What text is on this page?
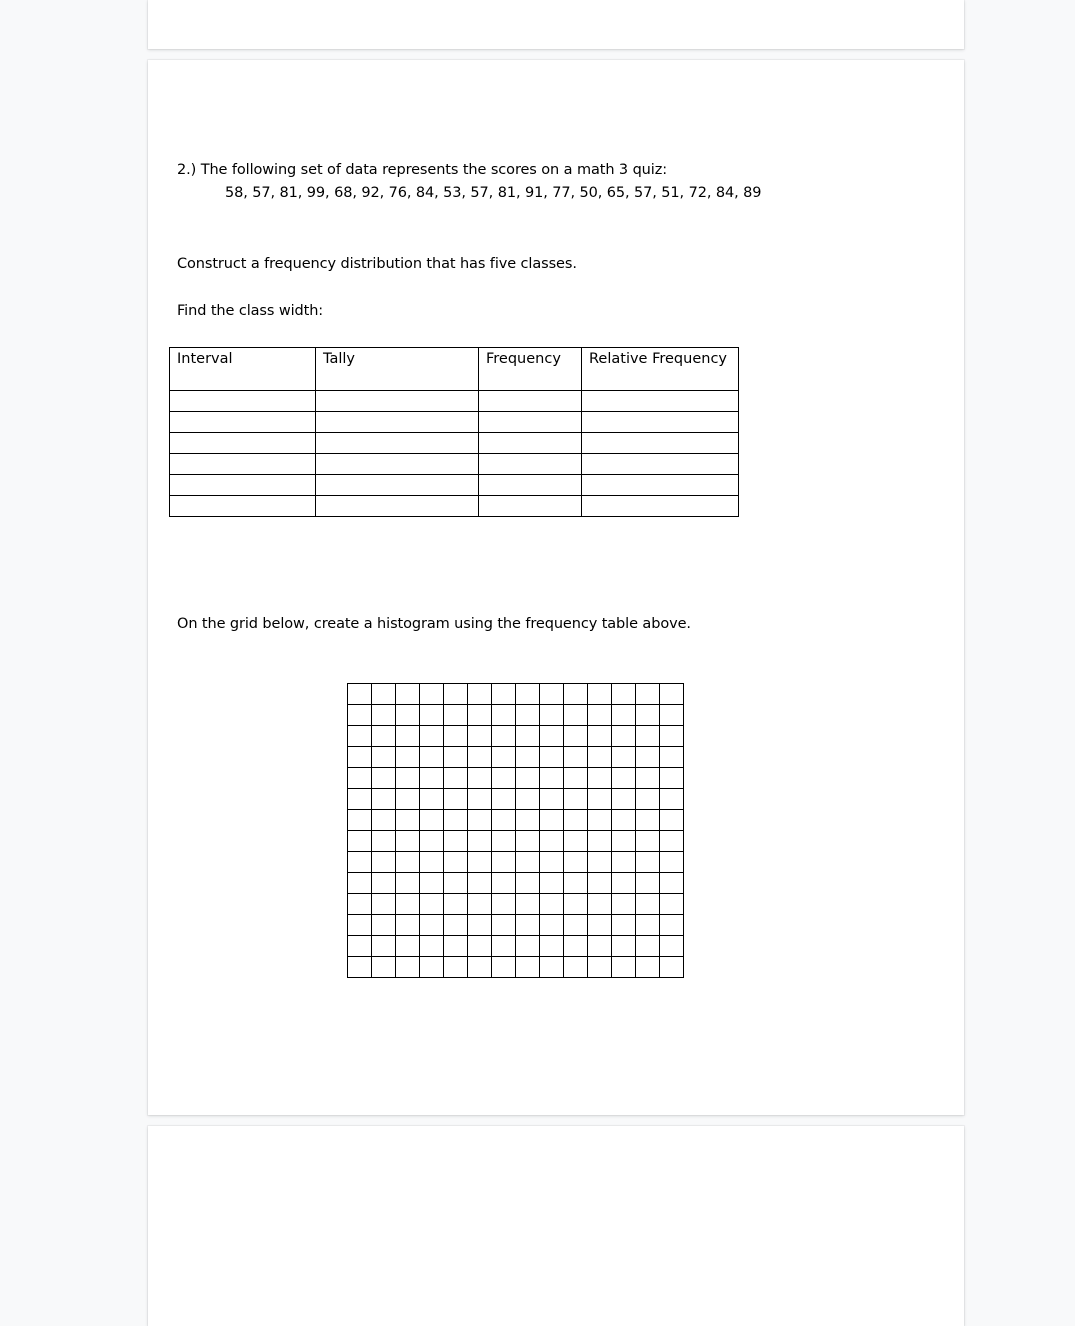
2.) The following set of data represents the scores on a math 3 quiz:
58, 57, 81, 99, 68, 92, 76, 84, 53, 57, 81, 91, 77, 50, 65, 57, 51, 72, 84, 89
Construct a frequency distribution that has five classes.
Find the class width:
Interval	Tally	Frequency	Relative Frequency

On the grid below, create a histogram using the frequency table above.
